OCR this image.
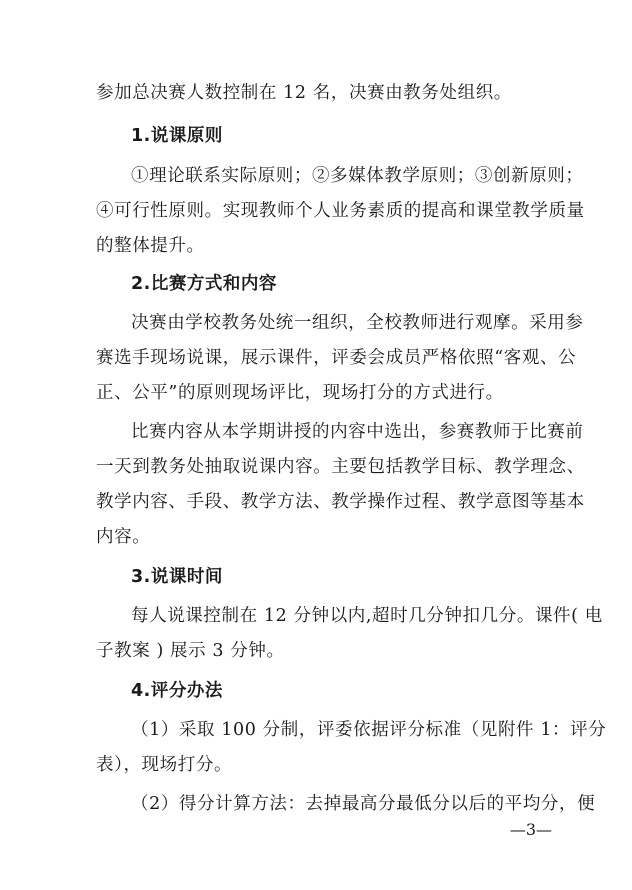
参加总决赛人数控制在 12 名，决赛由教务处组织。
1.说课原则
①理论联系实际原则；②多媒体教学原则；③创新原则；
④可行性原则。实现教师个人业务素质的提高和课堂教学质量
的整体提升。
2.比赛方式和内容
决赛由学校教务处统一组织，全校教师进行观摩。采用参
赛选手现场说课，展示课件，评委会成员严格依照“客观、公
正、公平”的原则现场评比，现场打分的方式进行。
比赛内容从本学期讲授的内容中选出，参赛教师于比赛前
一天到教务处抽取说课内容。主要包括教学目标、教学理念、
教学内容、手段、教学方法、教学操作过程、教学意图等基本
内容。
3.说课时间
每人说课控制在 12 分钟以内,超时几分钟扣几分。课件( 电
子教案 ) 展示 3 分钟。
4.评分办法
（1）采取 100 分制，评委依据评分标准（见附件 1：评分
表），现场打分。
（2）得分计算方法：去掉最高分最低分以后的平均分，便
—3—
